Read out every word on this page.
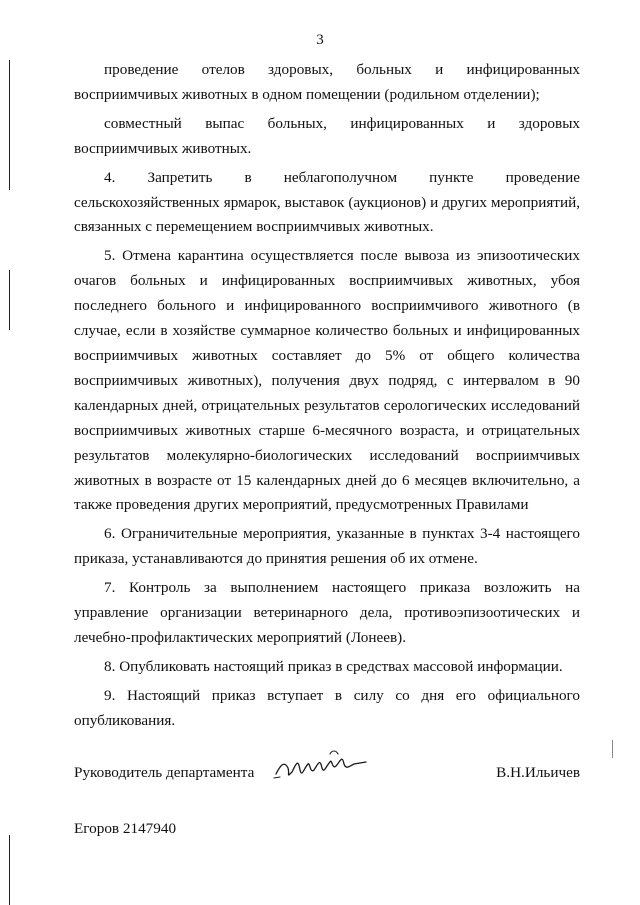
3

проведение отелов здоровых, больных и инфицированных восприимчивых животных в одном помещении (родильном отделении);

совместный выпас больных, инфицированных и здоровых восприимчивых животных.

4. Запретить в неблагополучном пункте проведение сельскохозяйственных ярмарок, выставок (аукционов) и других мероприятий, связанных с перемещением восприимчивых животных.

5. Отмена карантина осуществляется после вывоза из эпизоотических очагов больных и инфицированных восприимчивых животных, убоя последнего больного и инфицированного восприимчивого животного (в случае, если в хозяйстве суммарное количество больных и инфицированных восприимчивых животных составляет до 5% от общего количества восприимчивых животных), получения двух подряд, с интервалом в 90 календарных дней, отрицательных результатов серологических исследований восприимчивых животных старше 6-месячного возраста, и отрицательных результатов молекулярно-биологических исследований восприимчивых животных в возрасте от 15 календарных дней до 6 месяцев включительно, а также проведения других мероприятий, предусмотренных Правилами

6. Ограничительные мероприятия, указанные в пунктах 3-4 настоящего приказа, устанавливаются до принятия решения об их отмене.

7. Контроль за выполнением настоящего приказа возложить на управление организации ветеринарного дела, противоэпизоотических и лечебно-профилактических мероприятий (Лонеев).

8. Опубликовать настоящий приказ в средствах массовой информации.

9. Настоящий приказ вступает в силу со дня его официального опубликования.

Руководитель департамента	В.Н.Ильичев
Егоров 2147940
